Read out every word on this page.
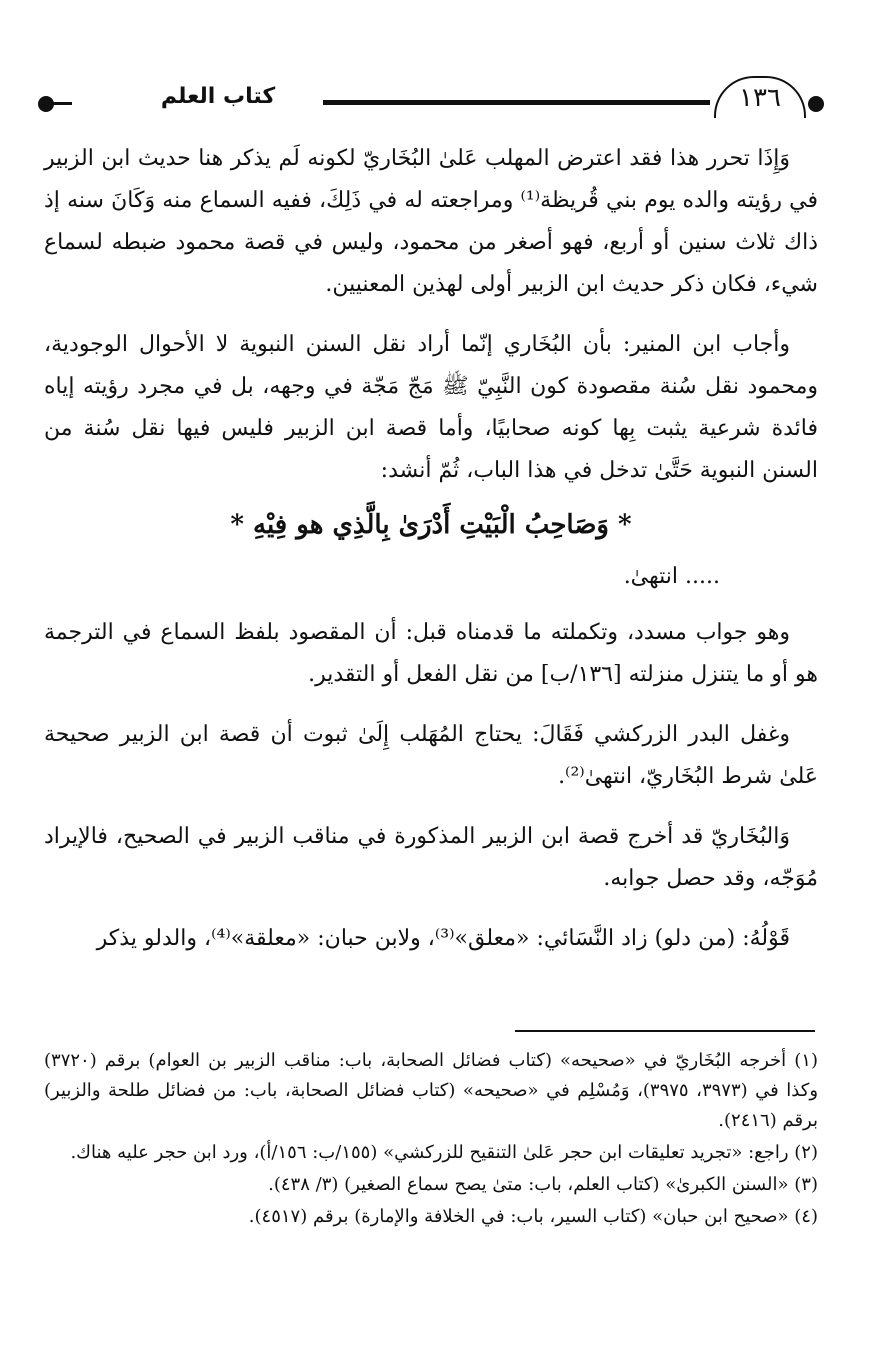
كتاب العلم	١٣٦

وَإِذَا تحرر هذا فقد اعترض المهلب عَلىٰ البُخَاريّ لكونه لَم يذكر هنا حديث ابن الزبير في رؤيته والده يوم بني قُريظة⁽¹⁾ ومراجعته له في ذَلِكَ، ففيه السماع منه وَكَانَ سنه إذ ذاك ثلاث سنين أو أربع، فهو أصغر من محمود، وليس في قصة محمود ضبطه لسماع شيء، فكان ذكر حديث ابن الزبير أولى لهذين المعنيين.

وأجاب ابن المنير: بأن البُخَاري إنّما أراد نقل السنن النبوية لا الأحوال الوجودية، ومحمود نقل سُنة مقصودة كون النَّبِيّ ﷺ مَجّ مَجّة في وجهه، بل في مجرد رؤيته إياه فائدة شرعية يثبت بِها كونه صحابيًا، وأما قصة ابن الزبير فليس فيها نقل سُنة من السنن النبوية حَتَّىٰ تدخل في هذا الباب، ثُمّ أنشد:

* وَصَاحِبُ الْبَيْتِ أَدْرَىٰ بِالَّذِي هو فِيْهِ *

..... انتهىٰ.

وهو جواب مسدد، وتكملته ما قدمناه قبل: أن المقصود بلفظ السماع في الترجمة هو أو ما يتنزل منزلته [١٣٦/ب] من نقل الفعل أو التقدير.

وغفل البدر الزركشي فَقَالَ: يحتاج المُهَلب إِلَىٰ ثبوت أن قصة ابن الزبير صحيحة عَلىٰ شرط البُخَاريّ، انتهىٰ⁽²⁾.

وَالبُخَاريّ قد أخرج قصة ابن الزبير المذكورة في مناقب الزبير في الصحيح، فالإيراد مُوَجّه، وقد حصل جوابه.

قَوْلُهُ: (من دلو) زاد النَّسَائي: «معلق»⁽³⁾، ولابن حبان: «معلقة»⁽⁴⁾، والدلو يذكر

(١) أخرجه البُخَاريّ في «صحيحه» (كتاب فضائل الصحابة، باب: مناقب الزبير بن العوام) برقم (٣٧٢٠) وكذا في (٣٩٧٣، ٣٩٧٥)، وَمُسْلِم في «صحيحه» (كتاب فضائل الصحابة، باب: من فضائل طلحة والزبير) برقم (٢٤١٦).

(٢) راجع: «تجريد تعليقات ابن حجر عَلىٰ التنقيح للزركشي» (١٥٥/ب: ١٥٦/أ)، ورد ابن حجر عليه هناك.

(٣) «السنن الكبرىٰ» (كتاب العلم، باب: متىٰ يصح سماع الصغير) (٣/ ٤٣٨).

(٤) «صحيح ابن حبان» (كتاب السير، باب: في الخلافة والإمارة) برقم (٤٥١٧).
